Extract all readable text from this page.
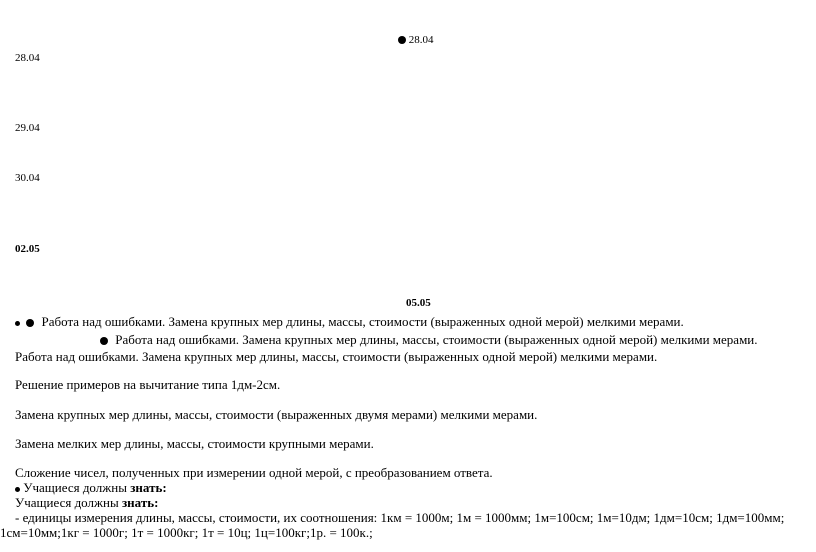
28.04
28.04
29.04
30.04
02.05
05.05
Работа над ошибками. Замена крупных мер длины, массы, стоимости (выраженных одной мерой) мелкими мерами.
Работа над ошибками. Замена крупных мер длины, массы, стоимости (выраженных одной мерой) мелкими мерами.
Работа над ошибками. Замена крупных мер длины, массы, стоимости (выраженных одной мерой) мелкими мерами.
Решение примеров на вычитание типа 1дм-2см.
Замена крупных мер длины, массы, стоимости (выраженных двумя мерами) мелкими мерами.
Замена мелких мер длины, массы, стоимости крупными мерами.
Сложение чисел, полученных при измерении одной мерой, с преобразованием ответа.
Учащиеся должны знать:
Учащиеся должны знать:
- единицы измерения длины, массы, стоимости, их соотношения: 1км = 1000м; 1м = 1000мм; 1м=100см; 1м=10дм; 1дм=10см; 1дм=100мм;
1см=10мм;1кг = 1000г; 1т = 1000кг; 1т = 10ц; 1ц=100кг;1р. = 100к.;
